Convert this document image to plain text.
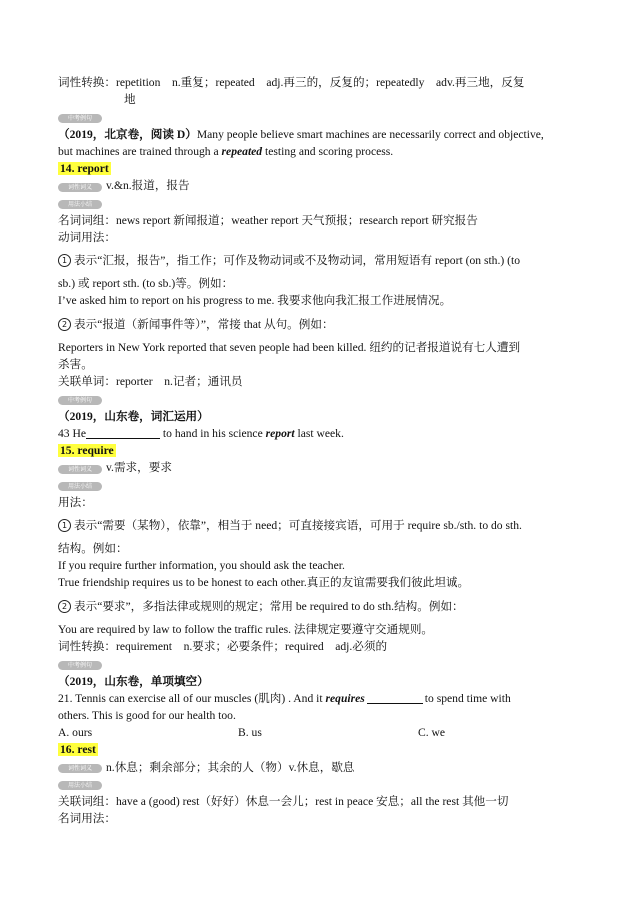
词性转换：repetition　n.重复；repeated　adj.再三的，反复的；repeatedly　adv.再三地，反复
地
中考例句
（2019，北京卷，阅读 D）Many people believe smart machines are necessarily correct and objective,
but machines are trained through a repeated testing and scoring process.
14. report
词性词义 v.&n.报道，报告
用法小结
名词词组：news report 新闻报道；weather report 天气预报；research report 研究报告
动词用法：
1 表示“汇报，报告”，指工作；可作及物动词或不及物动词，常用短语有 report (on sth.) (to
sb.) 或 report sth. (to sb.)等。例如：
I’ve asked him to report on his progress to me. 我要求他向我汇报工作进展情况。
2 表示“报道（新闻事件等）”，常接 that 从句。例如：
Reporters in New York reported that seven people had been killed. 纽约的记者报道说有七人遭到
杀害。
关联单词：reporter　n.记者；通讯员
中考例句
（2019，山东卷，词汇运用）
43 He	to hand in his science report last week.
15. require
词性词义 v.需求，要求
用法小结
用法：
1 表示“需要（某物），依靠”，相当于 need；可直接接宾语，可用于 require sb./sth. to do sth.
结构。例如：
If you require further information, you should ask the teacher.
True friendship requires us to be honest to each other.真正的友谊需要我们彼此坦诚。
2 表示“要求”，多指法律或规则的规定；常用 be required to do sth.结构。例如：
You are required by law to follow the traffic rules. 法律规定要遵守交通规则。
词性转换：requirement　n.要求；必要条件；required　adj.必须的
中考例句
（2019，山东卷，单项填空）
21. Tennis can exercise all of our muscles (肌肉) . And it requires	to spend time with
others. This is good for our health too.
A. ours	B. us	C. we
16. rest
词性词义 n.休息；剩余部分；其余的人（物）v.休息，歇息
用法小结
关联词组：have a (good) rest（好好）休息一会儿；rest in peace 安息；all the rest 其他一切
名词用法：
